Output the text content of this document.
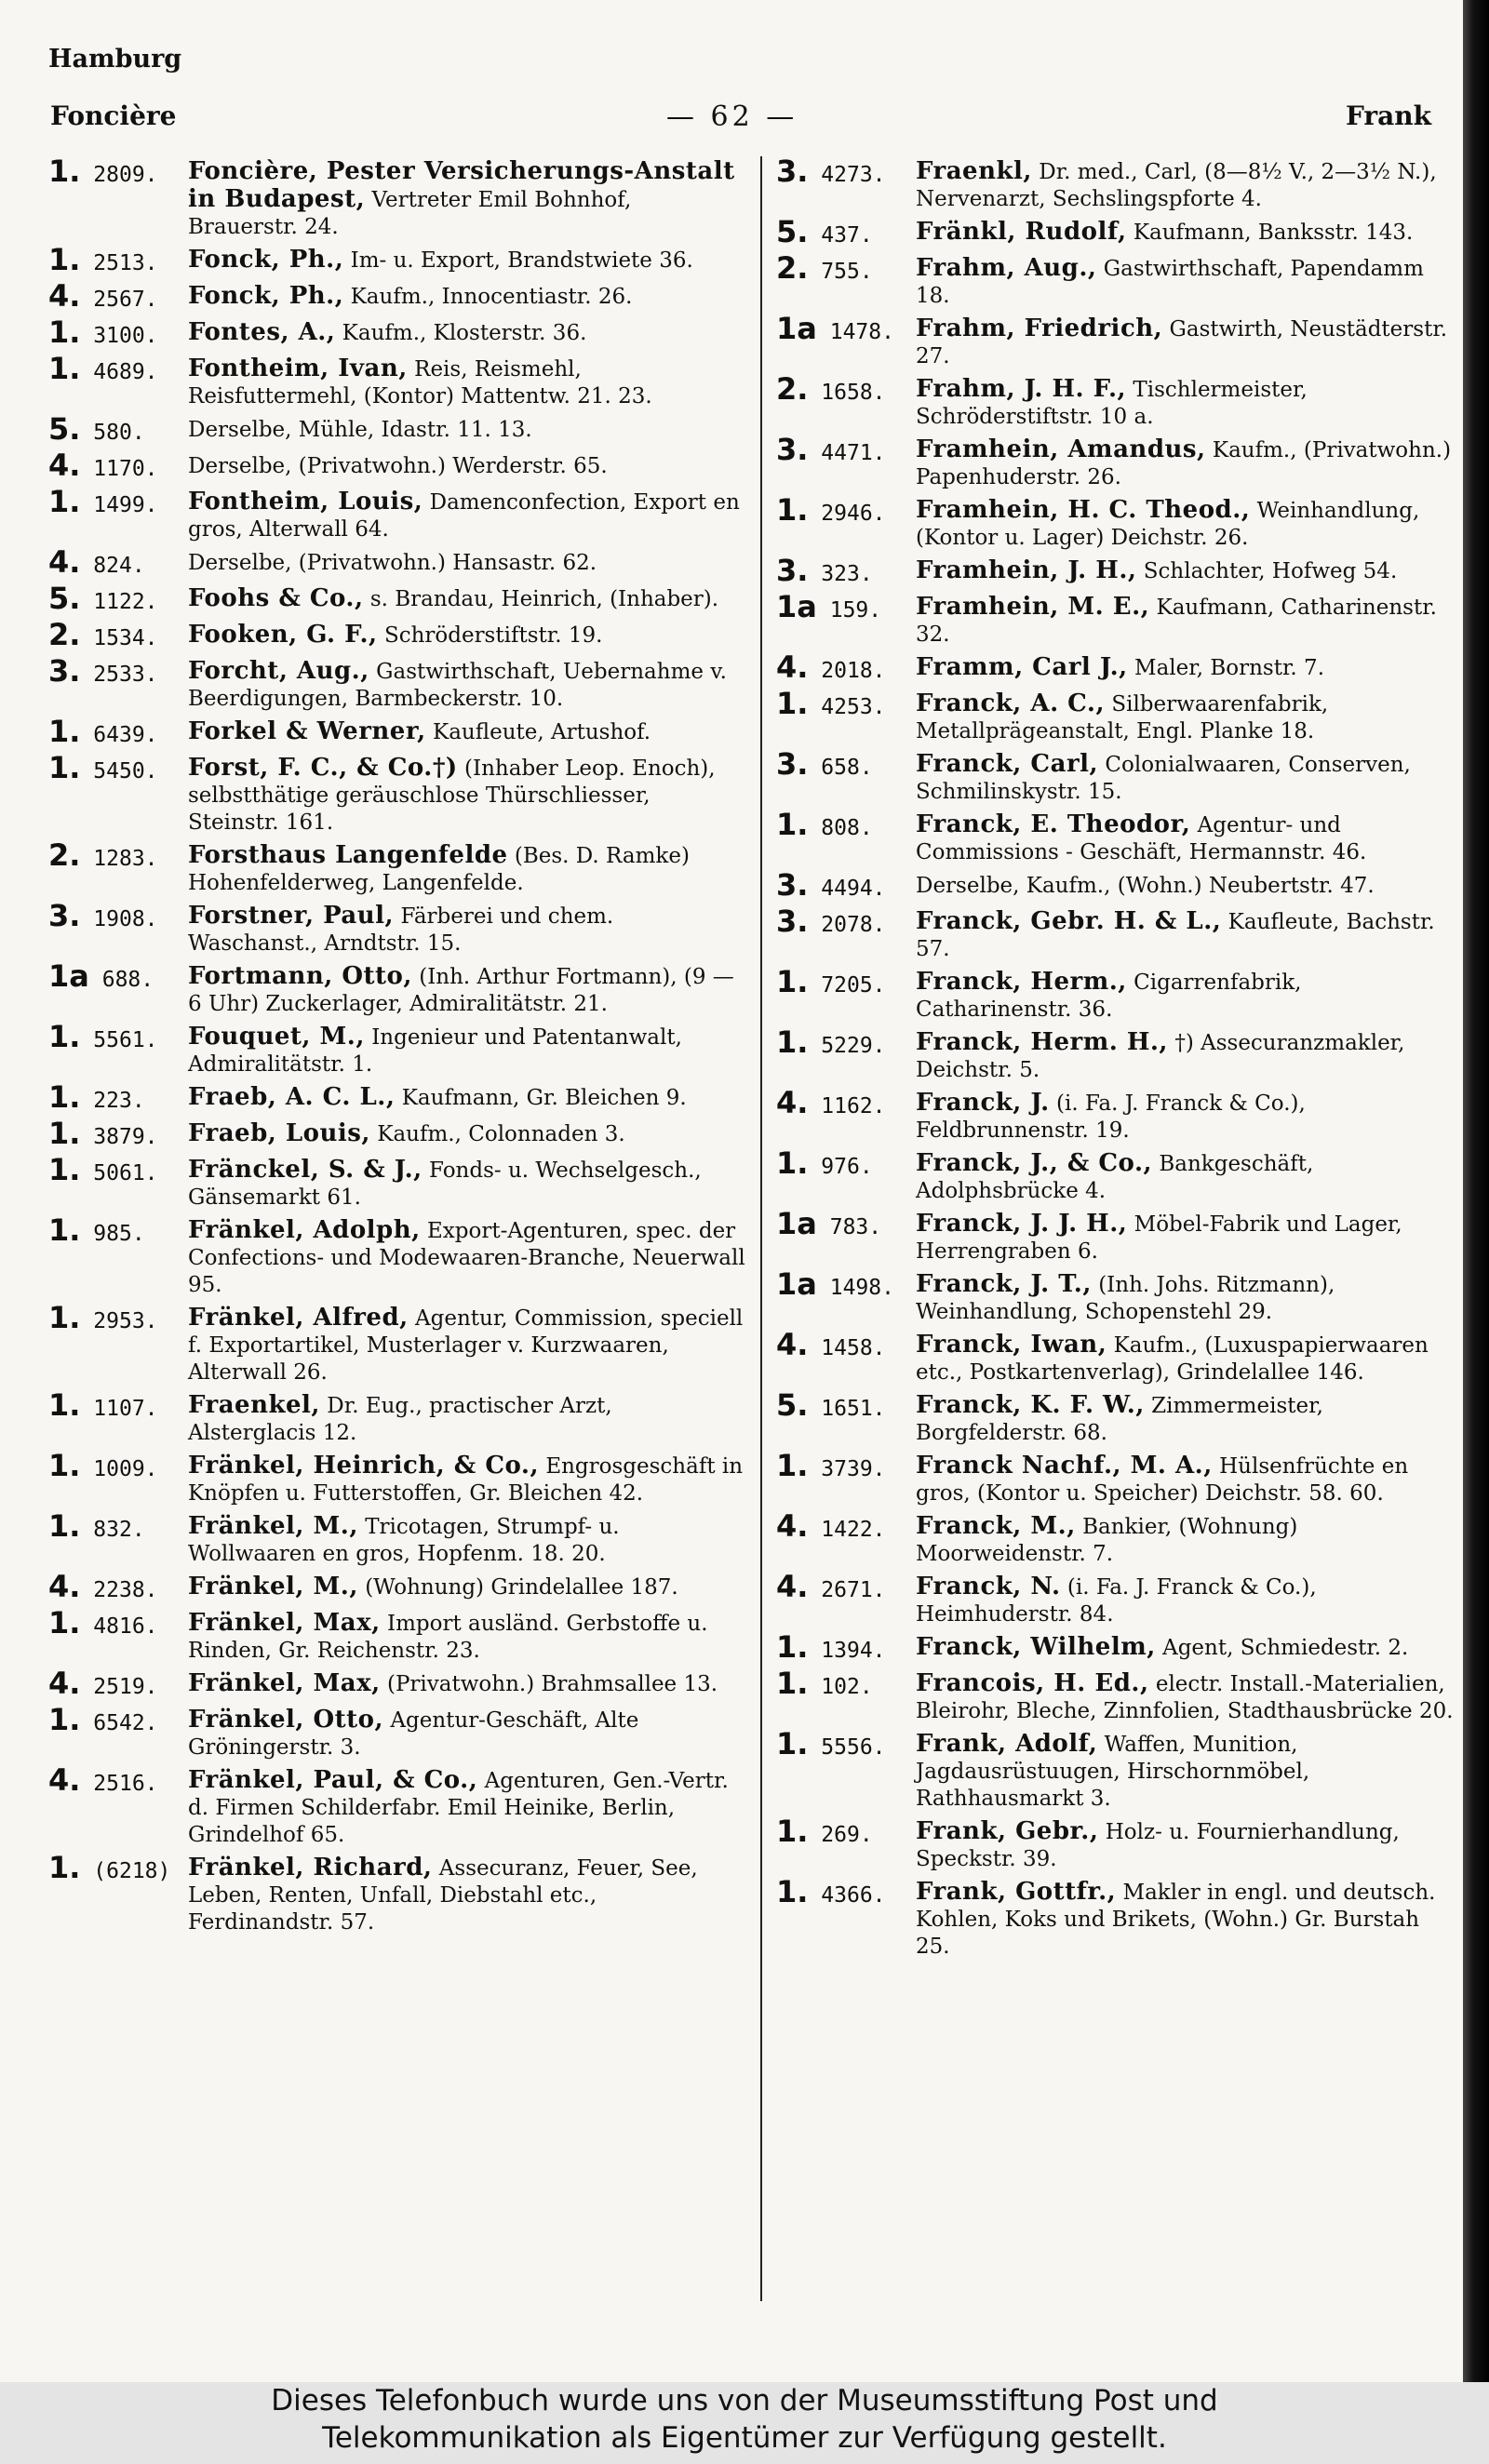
Hamburg
Foncière	— 62 —	Frank
1. 2809.	Foncière, Pester Versicherungs-Anstalt in Budapest, Vertreter Emil Bohnhof, Brauerstr. 24.
1. 2513.	Fonck, Ph., Im- u. Export, Brandstwiete 36.
4. 2567.	Fonck, Ph., Kaufm., Innocentiastr. 26.
1. 3100.	Fontes, A., Kaufm., Klosterstr. 36.
1. 4689.	Fontheim, Ivan, Reis, Reismehl, Reisfuttermehl, (Kontor) Mattentw. 21. 23.
5. 580.	Derselbe, Mühle, Idastr. 11. 13.
4. 1170.	Derselbe, (Privatwohn.) Werderstr. 65.
1. 1499.	Fontheim, Louis, Damenconfection, Export en gros, Alterwall 64.
4. 824.	Derselbe, (Privatwohn.) Hansastr. 62.
5. 1122.	Foohs & Co., s. Brandau, Heinrich, (Inhaber).
2. 1534.	Fooken, G. F., Schröderstiftstr. 19.
3. 2533.	Forcht, Aug., Gastwirthschaft, Uebernahme v. Beerdigungen, Barmbeckerstr. 10.
1. 6439.	Forkel & Werner, Kaufleute, Artushof.
1. 5450.	Forst, F. C., & Co.†) (Inhaber Leop. Enoch), selbstthätige geräuschlose Thürschliesser, Steinstr. 161.
2. 1283.	Forsthaus Langenfelde (Bes. D. Ramke) Hohenfelderweg, Langenfelde.
3. 1908.	Forstner, Paul, Färberei und chem. Waschanst., Arndtstr. 15.
1a 688.	Fortmann, Otto, (Inh. Arthur Fortmann), (9 — 6 Uhr) Zuckerlager, Admiralitätstr. 21.
1. 5561.	Fouquet, M., Ingenieur und Patentanwalt, Admiralitätstr. 1.
1. 223.	Fraeb, A. C. L., Kaufmann, Gr. Bleichen 9.
1. 3879.	Fraeb, Louis, Kaufm., Colonnaden 3.
1. 5061.	Fränckel, S. & J., Fonds- u. Wechselgesch., Gänsemarkt 61.
1. 985.	Fränkel, Adolph, Export-Agenturen, spec. der Confections- und Modewaaren-Branche, Neuerwall 95.
1. 2953.	Fränkel, Alfred, Agentur, Commission, speciell f. Exportartikel, Musterlager v. Kurzwaaren, Alterwall 26.
1. 1107.	Fraenkel, Dr. Eug., practischer Arzt, Alsterglacis 12.
1. 1009.	Fränkel, Heinrich, & Co., Engrosgeschäft in Knöpfen u. Futterstoffen, Gr. Bleichen 42.
1. 832.	Fränkel, M., Tricotagen, Strumpf- u. Wollwaaren en gros, Hopfenm. 18. 20.
4. 2238.	Fränkel, M., (Wohnung) Grindelallee 187.
1. 4816.	Fränkel, Max, Import ausländ. Gerbstoffe u. Rinden, Gr. Reichenstr. 23.
4. 2519.	Fränkel, Max, (Privatwohn.) Brahmsallee 13.
1. 6542.	Fränkel, Otto, Agentur-Geschäft, Alte Gröningerstr. 3.
4. 2516.	Fränkel, Paul, & Co., Agenturen, Gen.-Vertr. d. Firmen Schilderfabr. Emil Heinike, Berlin, Grindelhof 65.
1. (6218) Fränkel, Richard, Assecuranz, Feuer, See, Leben, Renten, Unfall, Diebstahl etc., Ferdinandstr. 57.
3. 4273.	Fraenkl, Dr. med., Carl, (8—8½ V., 2—3½ N.), Nervenarzt, Sechslingspforte 4.
5. 437.	Fränkl, Rudolf, Kaufmann, Banksstr. 143.
2. 755.	Frahm, Aug., Gastwirthschaft, Papendamm 18.
1a 1478. Frahm, Friedrich, Gastwirth, Neustädterstr. 27.
2. 1658.	Frahm, J. H. F., Tischlermeister, Schröderstiftstr. 10 a.
3. 4471.	Framhein, Amandus, Kaufm., (Privatwohn.) Papenhuderstr. 26.
1. 2946.	Framhein, H. C. Theod., Weinhandlung, (Kontor u. Lager) Deichstr. 26.
3. 323.	Framhein, J. H., Schlachter, Hofweg 54.
1a 159.	Framhein, M. E., Kaufmann, Catharinenstr. 32.
4. 2018.	Framm, Carl J., Maler, Bornstr. 7.
1. 4253.	Franck, A. C., Silberwaarenfabrik, Metallprägeanstalt, Engl. Planke 18.
3. 658.	Franck, Carl, Colonialwaaren, Conserven, Schmilinskystr. 15.
1. 808.	Franck, E. Theodor, Agentur- und Commissions - Geschäft, Hermannstr. 46.
3. 4494.	Derselbe, Kaufm., (Wohn.) Neubertstr. 47.
3. 2078.	Franck, Gebr. H. & L., Kaufleute, Bachstr. 57.
1. 7205.	Franck, Herm., Cigarrenfabrik, Catharinenstr. 36.
1. 5229.	Franck, Herm. H., †) Assecuranzmakler, Deichstr. 5.
4. 1162.	Franck, J. (i. Fa. J. Franck & Co.), Feldbrunnenstr. 19.
1. 976.	Franck, J., & Co., Bankgeschäft, Adolphsbrücke 4.
1a 783.	Franck, J. J. H., Möbel-Fabrik und Lager, Herrengraben 6.
1a 1498. Franck, J. T., (Inh. Johs. Ritzmann), Weinhandlung, Schopenstehl 29.
4. 1458.	Franck, Iwan, Kaufm., (Luxuspapierwaaren etc., Postkartenverlag), Grindelallee 146.
5. 1651.	Franck, K. F. W., Zimmermeister, Borgfelderstr. 68.
1. 3739.	Franck Nachf., M. A., Hülsenfrüchte en gros, (Kontor u. Speicher) Deichstr. 58. 60.
4. 1422.	Franck, M., Bankier, (Wohnung) Moorweidenstr. 7.
4. 2671.	Franck, N. (i. Fa. J. Franck & Co.), Heimhuderstr. 84.
1. 1394.	Franck, Wilhelm, Agent, Schmiedestr. 2.
1. 102.	Francois, H. Ed., electr. Install.-Materialien, Bleirohr, Bleche, Zinnfolien, Stadthausbrücke 20.
1. 5556.	Frank, Adolf, Waffen, Munition, Jagdausrüstuugen, Hirschornmöbel, Rathhausmarkt 3.
1. 269.	Frank, Gebr., Holz- u. Fournierhandlung, Speckstr. 39.
1. 4366.	Frank, Gottfr., Makler in engl. und deutsch. Kohlen, Koks und Brikets, (Wohn.) Gr. Burstah 25.
Dieses Telefonbuch wurde uns von der Museumsstiftung Post und
Telekommunikation als Eigentümer zur Verfügung gestellt.
